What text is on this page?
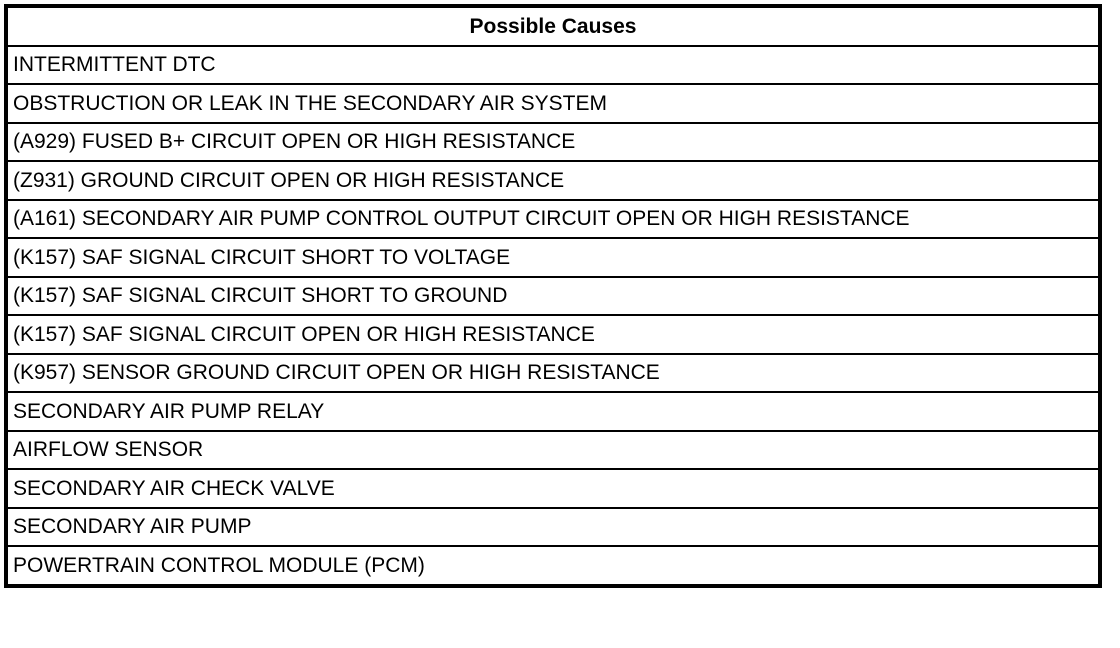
Possible Causes
INTERMITTENT DTC
OBSTRUCTION OR LEAK IN THE SECONDARY AIR SYSTEM
(A929) FUSED B+ CIRCUIT OPEN OR HIGH RESISTANCE
(Z931) GROUND CIRCUIT OPEN OR HIGH RESISTANCE
(A161) SECONDARY AIR PUMP CONTROL OUTPUT CIRCUIT OPEN OR HIGH RESISTANCE
(K157) SAF SIGNAL CIRCUIT SHORT TO VOLTAGE
(K157) SAF SIGNAL CIRCUIT SHORT TO GROUND
(K157) SAF SIGNAL CIRCUIT OPEN OR HIGH RESISTANCE
(K957) SENSOR GROUND CIRCUIT OPEN OR HIGH RESISTANCE
SECONDARY AIR PUMP RELAY
AIRFLOW SENSOR
SECONDARY AIR CHECK VALVE
SECONDARY AIR PUMP
POWERTRAIN CONTROL MODULE (PCM)
